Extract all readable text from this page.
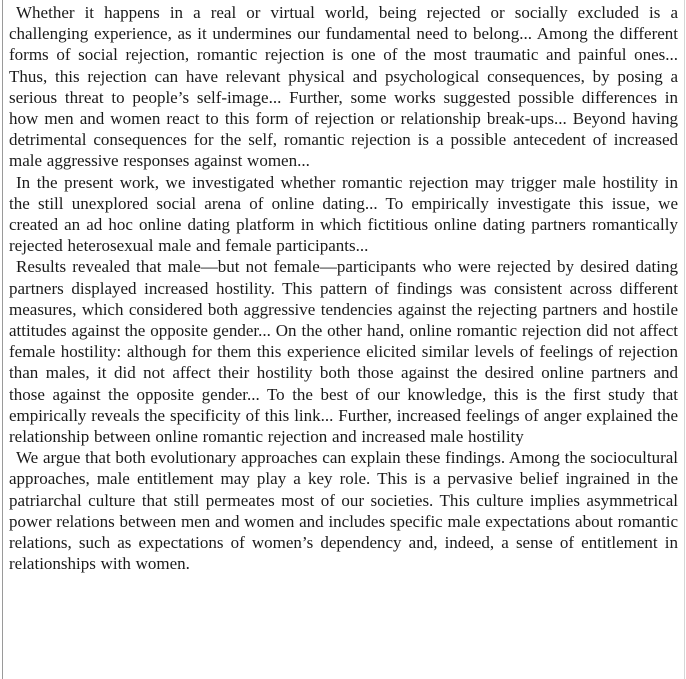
Whether it happens in a real or virtual world, being rejected or socially excluded is a challenging experience, as it undermines our fundamental need to belong... Among the different forms of social rejection, romantic rejection is one of the most traumatic and painful ones... Thus, this rejection can have relevant physical and psychological consequences, by posing a serious threat to people’s self-image... Further, some works suggested possible differences in how men and women react to this form of rejection or relationship break-ups... Beyond having detrimental consequences for the self, romantic rejection is a possible antecedent of increased male aggressive responses against women...

In the present work, we investigated whether romantic rejection may trigger male hostility in the still unexplored social arena of online dating... To empirically investigate this issue, we created an ad hoc online dating platform in which fictitious online dating partners romantically rejected heterosexual male and female participants...

Results revealed that male—but not female—participants who were rejected by desired dating partners displayed increased hostility. This pattern of findings was consistent across different measures, which considered both aggressive tendencies against the rejecting partners and hostile attitudes against the opposite gender... On the other hand, online romantic rejection did not affect female hostility: although for them this experience elicited similar levels of feelings of rejection than males, it did not affect their hostility both those against the desired online partners and those against the opposite gender... To the best of our knowledge, this is the first study that empirically reveals the specificity of this link... Further, increased feelings of anger explained the relationship between online romantic rejection and increased male hostility

We argue that both evolutionary approaches can explain these findings. Among the sociocultural approaches, male entitlement may play a key role. This is a pervasive belief ingrained in the patriarchal culture that still permeates most of our societies. This culture implies asymmetrical power relations between men and women and includes specific male expectations about romantic relations, such as expectations of women’s dependency and, indeed, a sense of entitlement in relationships with women.
